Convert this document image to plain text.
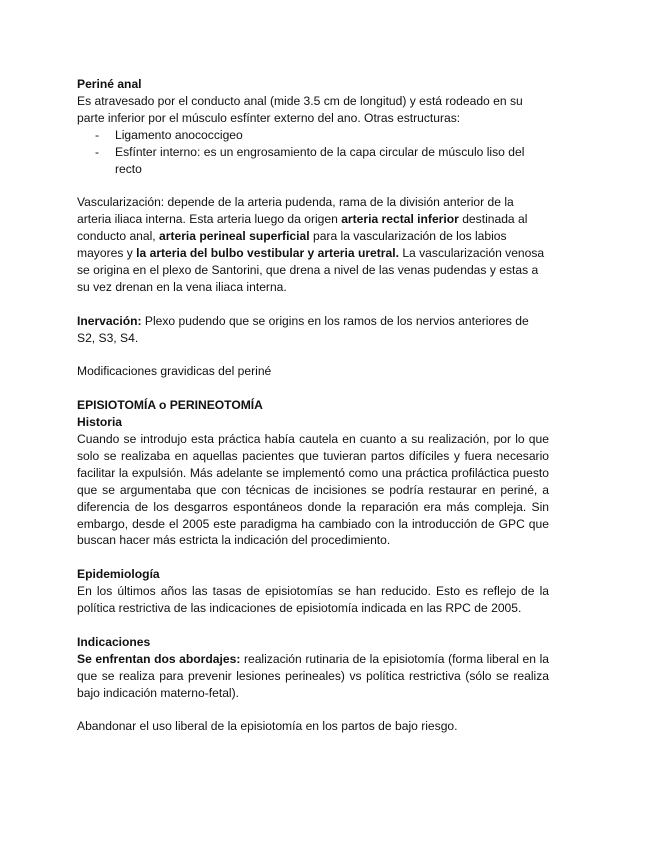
Periné anal

Es atravesado por el conducto anal (mide 3.5 cm de longitud) y está rodeado en su parte inferior por el músculo esfínter externo del ano. Otras estructuras:

- Ligamento anococcigeo
- Esfínter interno: es un engrosamiento de la capa circular de músculo liso del recto

Vascularización: depende de la arteria pudenda, rama de la división anterior de la arteria iliaca interna. Esta arteria luego da origen arteria rectal inferior destinada al conducto anal, arteria perineal superficial para la vascularización de los labios mayores y la arteria del bulbo vestibular y arteria uretral. La vascularización venosa se origina en el plexo de Santorini, que drena a nivel de las venas pudendas y estas a su vez drenan en la vena iliaca interna.

Inervación: Plexo pudendo que se origins en los ramos de los nervios anteriores de S2, S3, S4.

Modificaciones gravidicas del periné

EPISIOTOMÍA o PERINEOTOMÍA

Historia

Cuando se introdujo esta práctica había cautela en cuanto a su realización, por lo que solo se realizaba en aquellas pacientes que tuvieran partos difíciles y fuera necesario facilitar la expulsión. Más adelante se implementó como una práctica profiláctica puesto que se argumentaba que con técnicas de incisiones se podría restaurar en periné, a diferencia de los desgarros espontáneos donde la reparación era más compleja. Sin embargo, desde el 2005 este paradigma ha cambiado con la introducción de GPC que buscan hacer más estricta la indicación del procedimiento.

Epidemiología

En los últimos años las tasas de episiotomías se han reducido. Esto es reflejo de la política restrictiva de las indicaciones de episiotomía indicada en las RPC de 2005.

Indicaciones

Se enfrentan dos abordajes: realización rutinaria de la episiotomía (forma liberal en la que se realiza para prevenir lesiones perineales) vs política restrictiva (sólo se realiza bajo indicación materno-fetal).

Abandonar el uso liberal de la episiotomía en los partos de bajo riesgo.
